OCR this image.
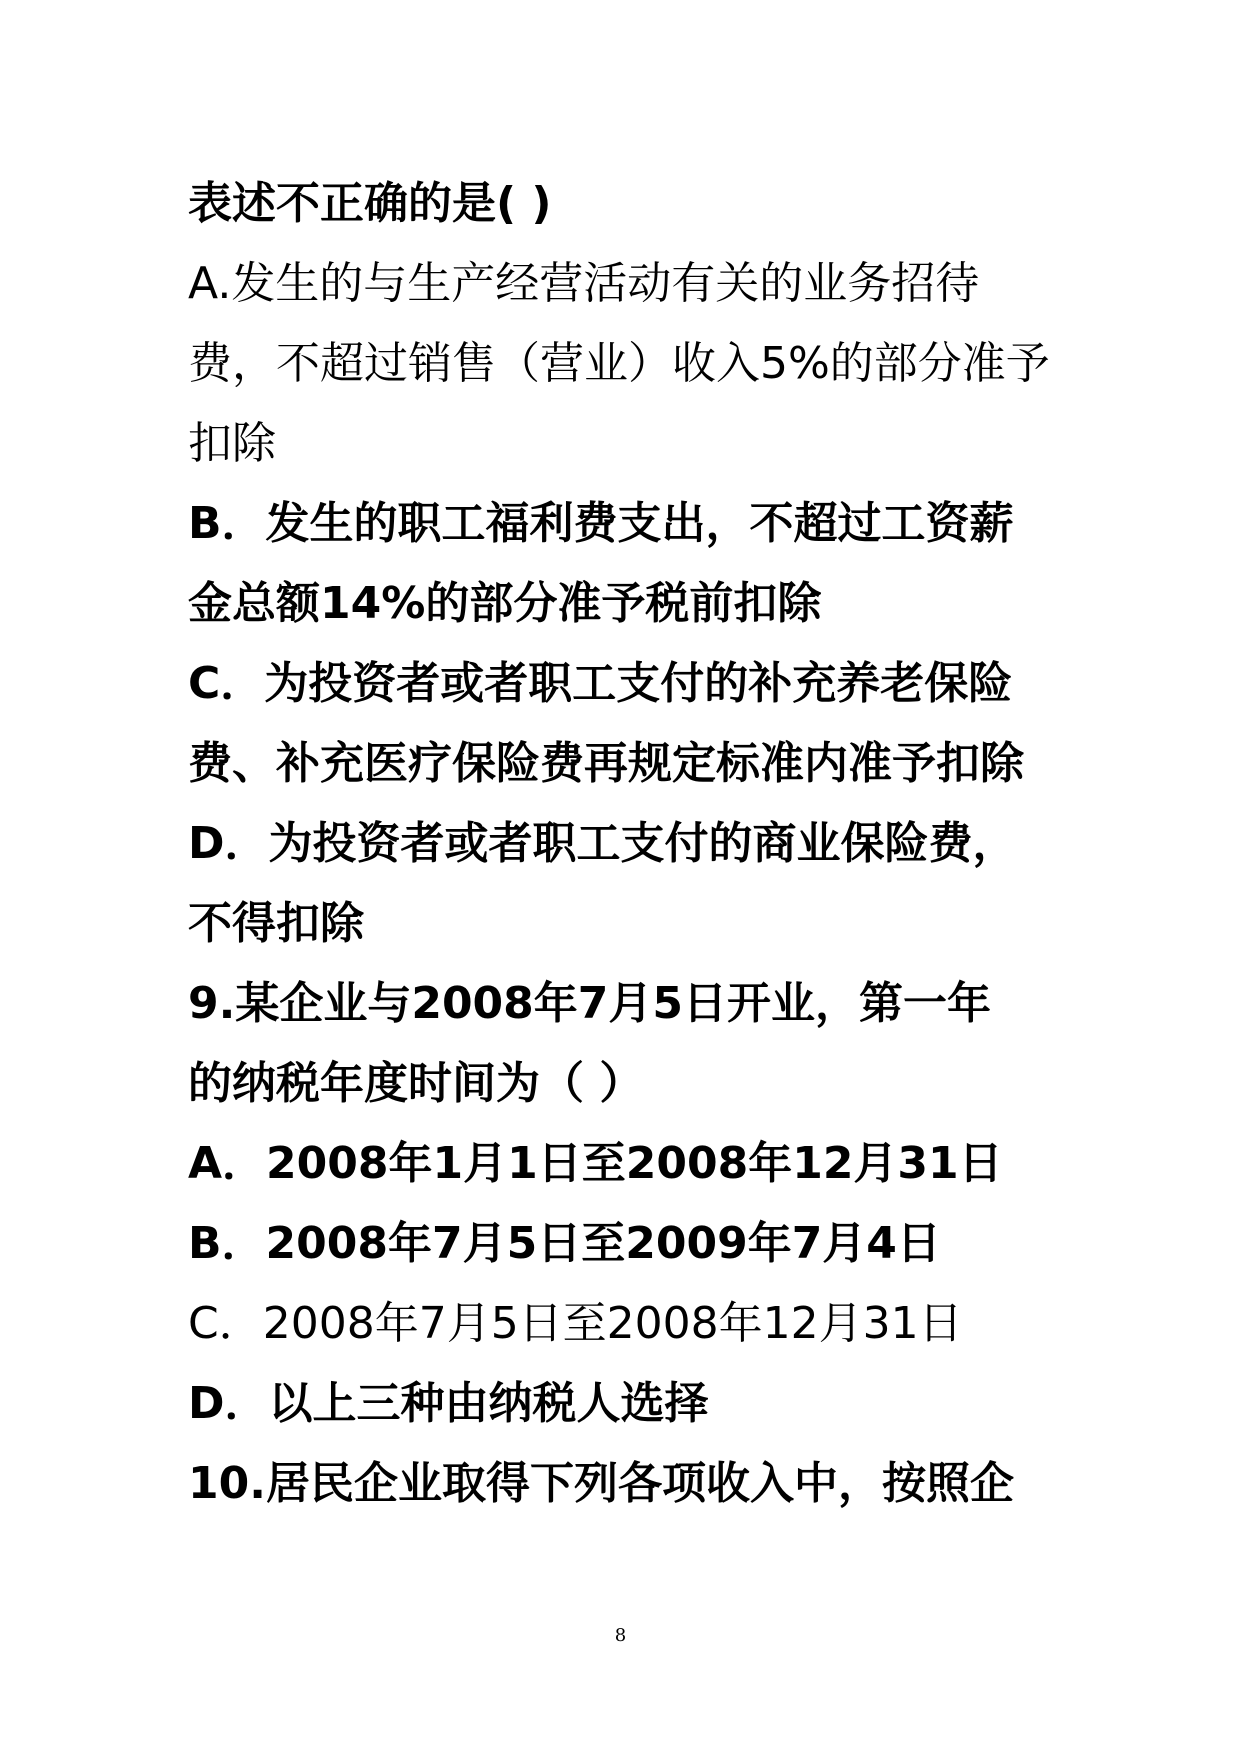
表述不正确的是( )
A.发生的与生产经营活动有关的业务招待
费，不超过销售（营业）收入5%的部分准予
扣除
B．发生的职工福利费支出，不超过工资薪
金总额14%的部分准予税前扣除
C．为投资者或者职工支付的补充养老保险
费、补充医疗保险费再规定标准内准予扣除
D．为投资者或者职工支付的商业保险费，
不得扣除
9.某企业与2008年7月5日开业，第一年
的纳税年度时间为（ ）
A．2008年1月1日至2008年12月31日
B．2008年7月5日至2009年7月4日
C．2008年7月5日至2008年12月31日
D．以上三种由纳税人选择
10.居民企业取得下列各项收入中，按照企
8
